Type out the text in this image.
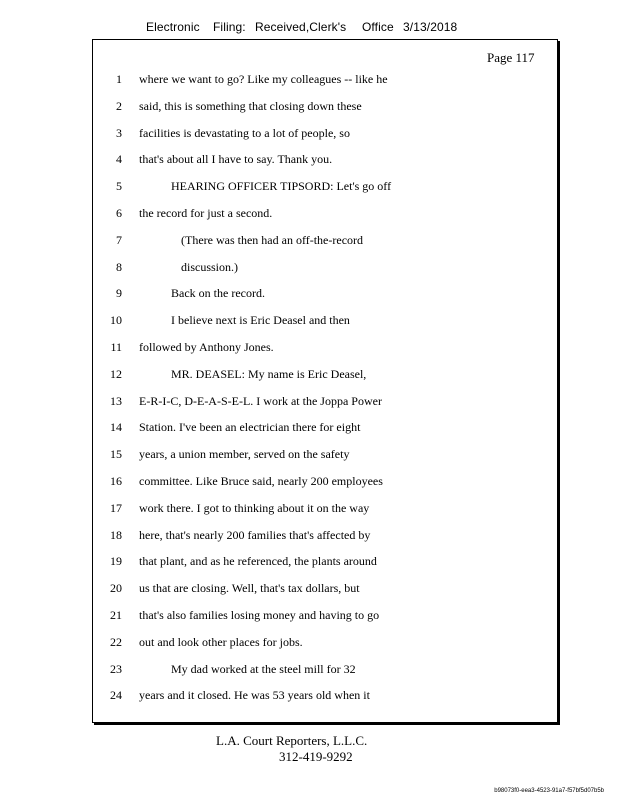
Electronic Filing: Received,Clerk's Office 3/13/2018
Page 117
1 where we want to go? Like my colleagues -- like he
2 said, this is something that closing down these
3 facilities is devastating to a lot of people, so
4 that's about all I have to say. Thank you.
5	HEARING OFFICER TIPSORD: Let's go off
6 the record for just a second.
7	(There was then had an off-the-record
8	discussion.)
9	Back on the record.
10	I believe next is Eric Deasel and then
11 followed by Anthony Jones.
12	MR. DEASEL: My name is Eric Deasel,
13 E-R-I-C, D-E-A-S-E-L. I work at the Joppa Power
14 Station. I've been an electrician there for eight
15 years, a union member, served on the safety
16 committee. Like Bruce said, nearly 200 employees
17 work there. I got to thinking about it on the way
18 here, that's nearly 200 families that's affected by
19 that plant, and as he referenced, the plants around
20 us that are closing. Well, that's tax dollars, but
21 that's also families losing money and having to go
22 out and look other places for jobs.
23	My dad worked at the steel mill for 32
24 years and it closed. He was 53 years old when it
L.A. Court Reporters, L.L.C.
312-419-9292
b98073f0-eea3-4523-91a7-f57bf5d07b5b
